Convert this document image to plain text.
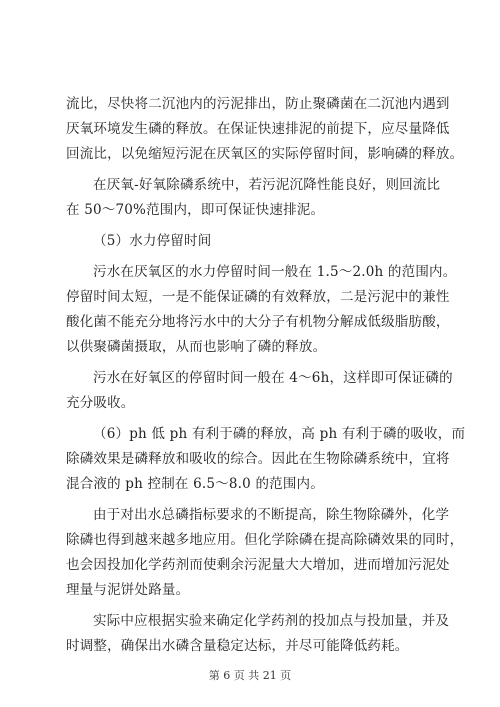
流比，尽快将二沉池内的污泥排出，防止聚磷菌在二沉池内遇到
厌氧环境发生磷的释放。在保证快速排泥的前提下，应尽量降低
回流比，以免缩短污泥在厌氧区的实际停留时间，影响磷的释放。

在厌氧-好氧除磷系统中，若污泥沉降性能良好，则回流比
在 50～70%范围内，即可保证快速排泥。

（5）水力停留时间

污水在厌氧区的水力停留时间一般在 1.5～2.0h 的范围内。
停留时间太短，一是不能保证磷的有效释放，二是污泥中的兼性
酸化菌不能充分地将污水中的大分子有机物分解成低级脂肪酸，
以供聚磷菌摄取，从而也影响了磷的释放。

污水在好氧区的停留时间一般在 4～6h，这样即可保证磷的
充分吸收。

（6）ph 低 ph 有利于磷的释放，高 ph 有利于磷的吸收，而
除磷效果是磷释放和吸收的综合。因此在生物除磷系统中，宜将
混合液的 ph 控制在 6.5～8.0 的范围内。

由于对出水总磷指标要求的不断提高，除生物除磷外，化学
除磷也得到越来越多地应用。但化学除磷在提高除磷效果的同时，
也会因投加化学药剂而使剩余污泥量大大增加，进而增加污泥处
理量与泥饼处路量。

实际中应根据实验来确定化学药剂的投加点与投加量，并及
时调整，确保出水磷含量稳定达标，并尽可能降低药耗。

第 6 页 共 21 页
